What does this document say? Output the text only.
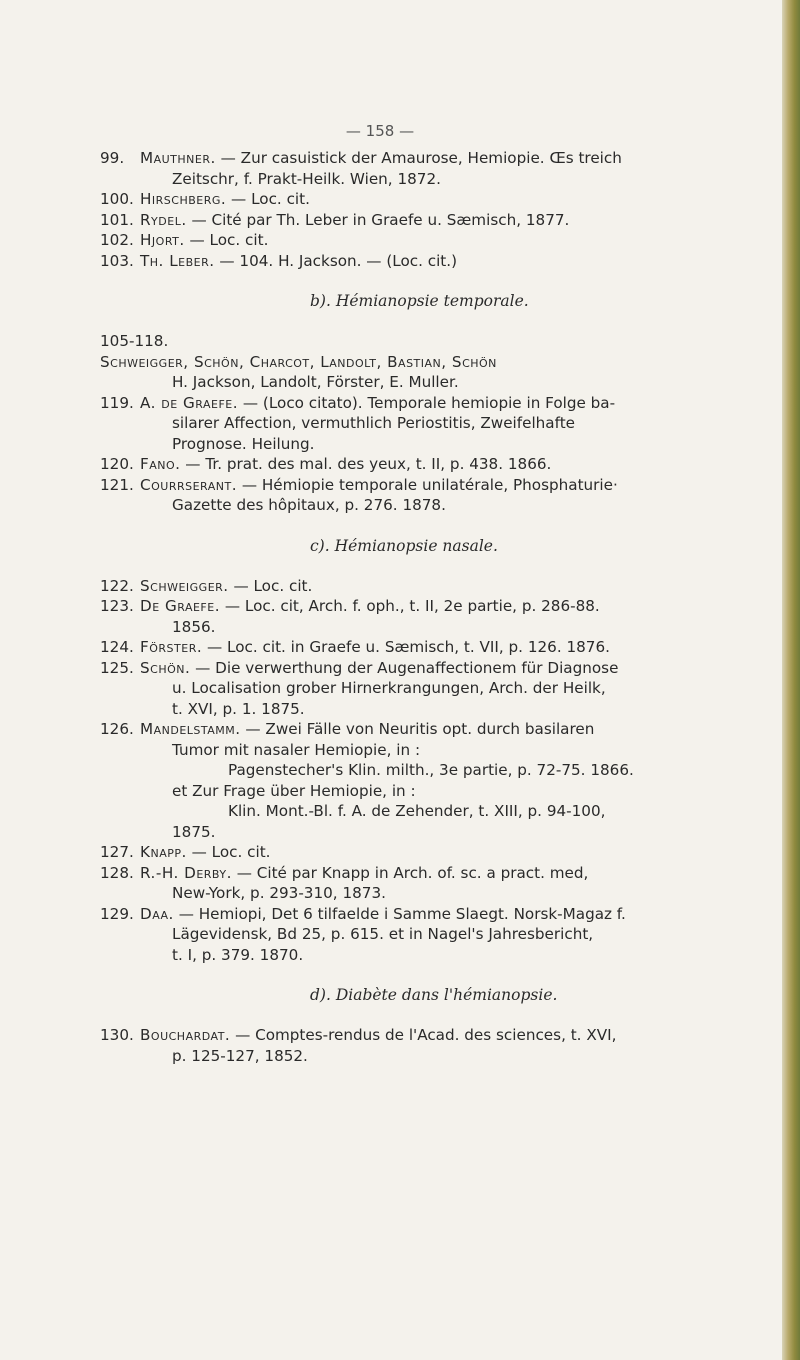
— 158 —

99. Mauthner. — Zur casuistick der Amaurose, Hemiopie. Œs treich
Zeitschr, f. Prakt-Heilk. Wien, 1872.

100. Hirschberg. — Loc. cit.

101. Rydel. — Cité par Th. Leber in Graefe u. Sæmisch, 1877.

102. Hjort. — Loc. cit.

103. Th. Leber. — 104. H. Jackson. — (Loc. cit.)

b). Hémianopsie temporale.

105-118.
Schweigger, Schön, Charcot, Landolt, Bastian, Schön
H. Jackson, Landolt, Förster, E. Muller.

119. A. de Graefe. — (Loco citato). Temporale hemiopie in Folge ba-
silarer Affection, vermuthlich Periostitis, Zweifelhafte
Prognose. Heilung.

120. Fano. — Tr. prat. des mal. des yeux, t. II, p. 438. 1866.

121. Courrserant. — Hémiopie temporale unilatérale, Phosphaturie·
Gazette des hôpitaux, p. 276. 1878.

c). Hémianopsie nasale.

122. Schweigger. — Loc. cit.

123. De Graefe. — Loc. cit, Arch. f. oph., t. II, 2e partie, p. 286-88.
1856.

124. Förster. — Loc. cit. in Graefe u. Sæmisch, t. VII, p. 126. 1876.

125. Schön. — Die verwerthung der Augenaffectionem für Diagnose
u. Localisation grober Hirnerkrangungen, Arch. der Heilk,
t. XVI, p. 1. 1875.

126. Mandelstamm. — Zwei Fälle von Neuritis opt. durch basilaren
Tumor mit nasaler Hemiopie, in :
Pagenstecher's Klin. milth., 3e partie, p. 72-75. 1866.
et Zur Frage über Hemiopie, in :
Klin. Mont.-Bl. f. A. de Zehender, t. XIII, p. 94-100,
1875.

127. Knapp. — Loc. cit.

128. R.-H. Derby. — Cité par Knapp in Arch. of. sc. a pract. med,
New-York, p. 293-310, 1873.

129. Daa. — Hemiopi, Det 6 tilfaelde i Samme Slaegt. Norsk-Magaz f.
Lägevidensk, Bd 25, p. 615. et in Nagel's Jahresbericht,
t. I, p. 379. 1870.

d). Diabète dans l'hémianopsie.

130. Bouchardat. — Comptes-rendus de l'Acad. des sciences, t. XVI,
p. 125-127, 1852.
